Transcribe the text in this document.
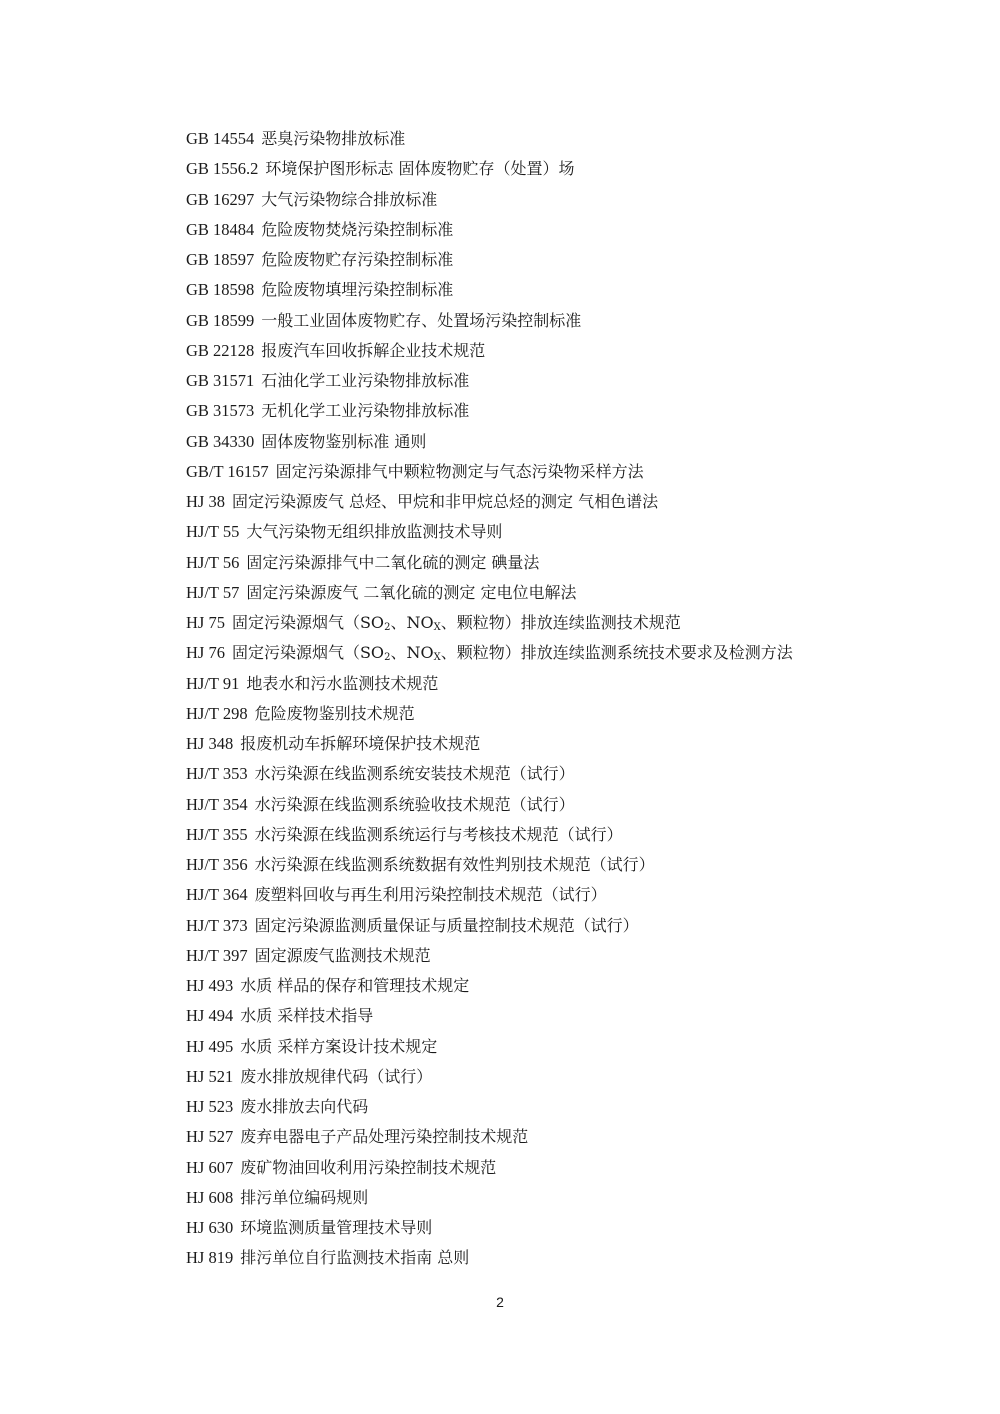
GB 14554 恶臭污染物排放标准
GB 1556.2 环境保护图形标志 固体废物贮存（处置）场
GB 16297 大气污染物综合排放标准
GB 18484 危险废物焚烧污染控制标准
GB 18597 危险废物贮存污染控制标准
GB 18598 危险废物填埋污染控制标准
GB 18599 一般工业固体废物贮存、处置场污染控制标准
GB 22128 报废汽车回收拆解企业技术规范
GB 31571 石油化学工业污染物排放标准
GB 31573 无机化学工业污染物排放标准
GB 34330 固体废物鉴别标准 通则
GB/T 16157 固定污染源排气中颗粒物测定与气态污染物采样方法
HJ 38 固定污染源废气 总烃、甲烷和非甲烷总烃的测定 气相色谱法
HJ/T 55 大气污染物无组织排放监测技术导则
HJ/T 56 固定污染源排气中二氧化硫的测定 碘量法
HJ/T 57 固定污染源废气 二氧化硫的测定 定电位电解法
HJ 75 固定污染源烟气（$SO_2$、$NO_X$、颗粒物）排放连续监测技术规范
HJ 76 固定污染源烟气（$SO_2$、$NO_X$、颗粒物）排放连续监测系统技术要求及检测方法
HJ/T 91 地表水和污水监测技术规范
HJ/T 298 危险废物鉴别技术规范
HJ 348 报废机动车拆解环境保护技术规范
HJ/T 353 水污染源在线监测系统安装技术规范（试行）
HJ/T 354 水污染源在线监测系统验收技术规范（试行）
HJ/T 355 水污染源在线监测系统运行与考核技术规范（试行）
HJ/T 356 水污染源在线监测系统数据有效性判别技术规范（试行）
HJ/T 364 废塑料回收与再生利用污染控制技术规范（试行）
HJ/T 373 固定污染源监测质量保证与质量控制技术规范（试行）
HJ/T 397 固定源废气监测技术规范
HJ 493 水质 样品的保存和管理技术规定
HJ 494 水质 采样技术指导
HJ 495 水质 采样方案设计技术规定
HJ 521 废水排放规律代码（试行）
HJ 523 废水排放去向代码
HJ 527 废弃电器电子产品处理污染控制技术规范
HJ 607 废矿物油回收利用污染控制技术规范
HJ 608 排污单位编码规则
HJ 630 环境监测质量管理技术导则
HJ 819 排污单位自行监测技术指南 总则
2
